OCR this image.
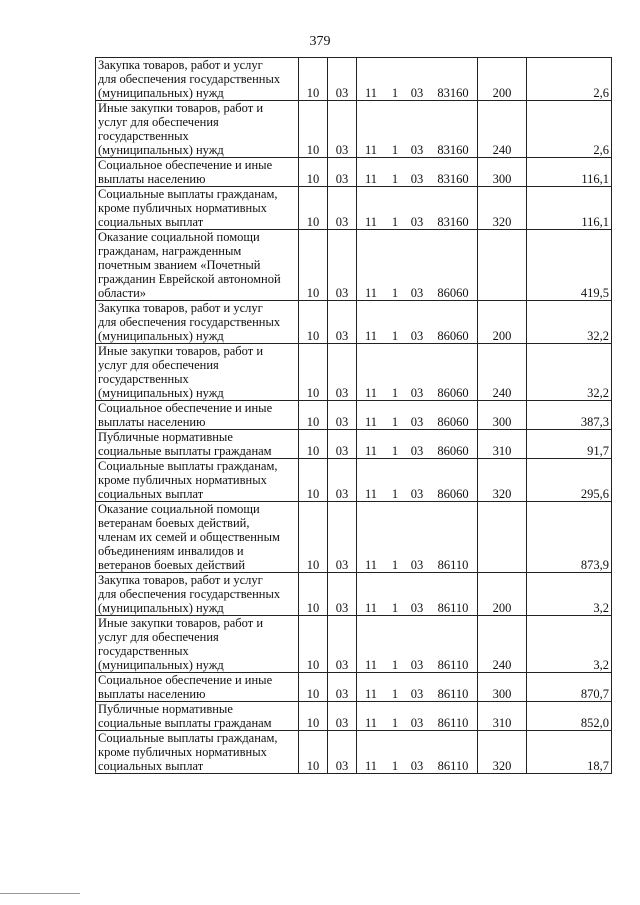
379
Закупка товаров, работ и услуг
для обеспечения государственных
(муниципальных) нужд	10	03	11	1	03	83160	200	2,6
Иные закупки товаров, работ и
услуг для обеспечения
государственных
(муниципальных) нужд	10	03	11	1	03	83160	240	2,6
Социальное обеспечение и иные
выплаты населению	10	03	11	1	03	83160	300	116,1
Социальные выплаты гражданам,
кроме публичных нормативных
социальных выплат	10	03	11	1	03	83160	320	116,1
Оказание социальной помощи
гражданам, награжденным
почетным званием «Почетный
гражданин Еврейской автономной
области»	10	03	11	1	03	86060		419,5
Закупка товаров, работ и услуг
для обеспечения государственных
(муниципальных) нужд	10	03	11	1	03	86060	200	32,2
Иные закупки товаров, работ и
услуг для обеспечения
государственных
(муниципальных) нужд	10	03	11	1	03	86060	240	32,2
Социальное обеспечение и иные
выплаты населению	10	03	11	1	03	86060	300	387,3
Публичные нормативные
социальные выплаты гражданам	10	03	11	1	03	86060	310	91,7
Социальные выплаты гражданам,
кроме публичных нормативных
социальных выплат	10	03	11	1	03	86060	320	295,6
Оказание социальной помощи
ветеранам боевых действий,
членам их семей и общественным
объединениям инвалидов и
ветеранов боевых действий	10	03	11	1	03	86110		873,9
Закупка товаров, работ и услуг
для обеспечения государственных
(муниципальных) нужд	10	03	11	1	03	86110	200	3,2
Иные закупки товаров, работ и
услуг для обеспечения
государственных
(муниципальных) нужд	10	03	11	1	03	86110	240	3,2
Социальное обеспечение и иные
выплаты населению	10	03	11	1	03	86110	300	870,7
Публичные нормативные
социальные выплаты гражданам	10	03	11	1	03	86110	310	852,0
Социальные выплаты гражданам,
кроме публичных нормативных
социальных выплат	10	03	11	1	03	86110	320	18,7
